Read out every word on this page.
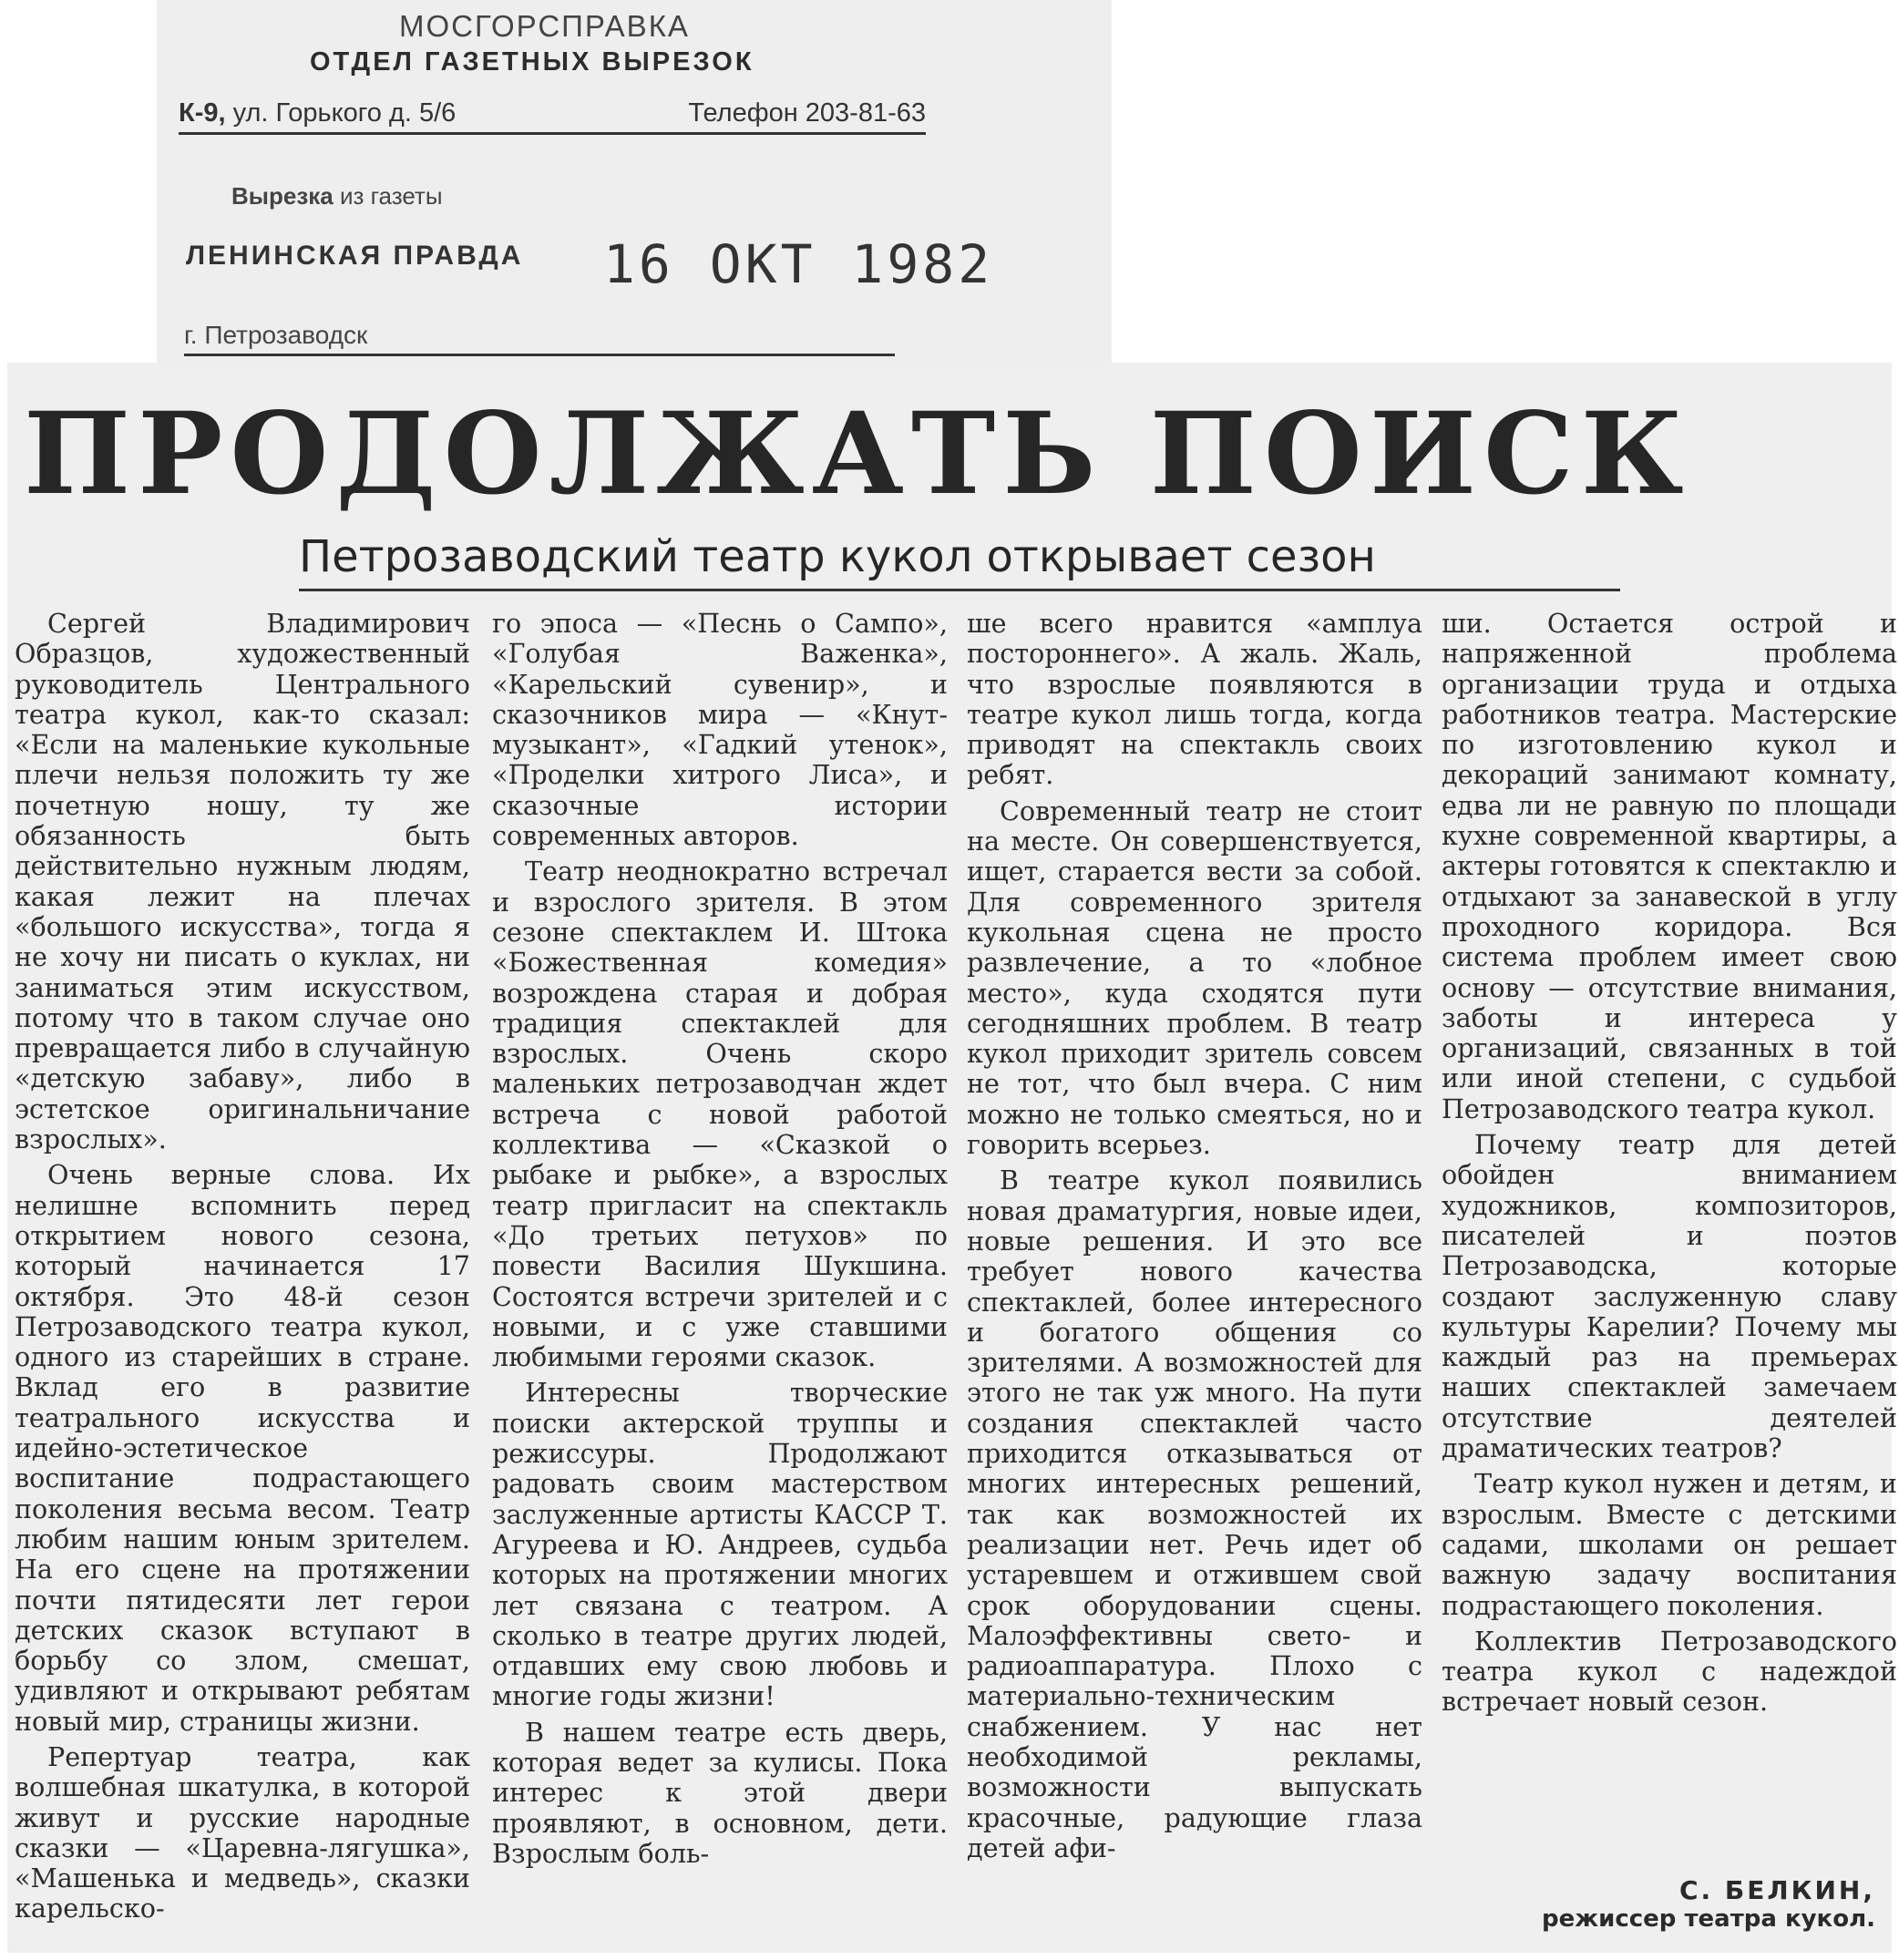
МОСГОРСПРАВКА
ОТДЕЛ ГАЗЕТНЫХ ВЫРЕЗОК
К-9, ул. Горького д. 5/6	Телефон 203-81-63
Вырезка из газеты
ЛЕНИНСКАЯ ПРАВДА 16 ОКТ 1982
г. Петрозаводск
ПРОДОЛЖАТЬ ПОИСК
Петрозаводский театр кукол открывает сезон

Сергей Владимирович Образцов, художественный руководитель Центрального театра кукол, как-то сказал: «Если на маленькие кукольные плечи нельзя положить ту же почетную ношу, ту же обязанность быть действительно нужным людям, какая лежит на плечах «большого искусства», тогда я не хочу ни писать о куклах, ни заниматься этим искусством, потому что в таком случае оно превращается либо в случайную «детскую забаву», либо в эстетское оригинальничание взрослых».

Очень верные слова. Их нелишне вспомнить перед открытием нового сезона, который начинается 17 октября. Это 48-й сезон Петрозаводского театра кукол, одного из старейших в стране. Вклад его в развитие театрального искусства и идейно-эстетическое воспитание подрастающего поколения весьма весом. Театр любим нашим юным зрителем. На его сцене на протяжении почти пятидесяти лет герои детских сказок вступают в борьбу со злом, смешат, удивляют и открывают ребятам новый мир, страницы жизни.

Репертуар театра, как волшебная шкатулка, в которой живут и русские народные сказки — «Царевна-лягушка», «Машенька и медведь», сказки карельско-

го эпоса — «Песнь о Сампо», «Голубая Важенка», «Карельский сувенир», и сказочников мира — «Кнут-музыкант», «Гадкий утенок», «Проделки хитрого Лиса», и сказочные истории современных авторов.

Театр неоднократно встречал и взрослого зрителя. В этом сезоне спектаклем И. Штока «Божественная комедия» возрождена старая и добрая традиция спектаклей для взрослых. Очень скоро маленьких петрозаводчан ждет встреча с новой работой коллектива — «Сказкой о рыбаке и рыбке», а взрослых театр пригласит на спектакль «До третьих петухов» по повести Василия Шукшина. Состоятся встречи зрителей и с новыми, и с уже ставшими любимыми героями сказок.

Интересны творческие поиски актерской труппы и режиссуры. Продолжают радовать своим мастерством заслуженные артисты КАССР Т. Агуреева и Ю. Андреев, судьба которых на протяжении многих лет связана с театром. А сколько в театре других людей, отдавших ему свою любовь и многие годы жизни!

В нашем театре есть дверь, которая ведет за кулисы. Пока интерес к этой двери проявляют, в основном, дети. Взрослым боль-

ше всего нравится «амплуа постороннего». А жаль. Жаль, что взрослые появляются в театре кукол лишь тогда, когда приводят на спектакль своих ребят.

Современный театр не стоит на месте. Он совершенствуется, ищет, старается вести за собой. Для современного зрителя кукольная сцена не просто развлечение, а то «лобное место», куда сходятся пути сегодняшних проблем. В театр кукол приходит зритель совсем не тот, что был вчера. С ним можно не только смеяться, но и говорить всерьез.

В театре кукол появились новая драматургия, новые идеи, новые решения. И это все требует нового качества спектаклей, более интересного и богатого общения со зрителями. А возможностей для этого не так уж много. На пути создания спектаклей часто приходится отказываться от многих интересных решений, так как возможностей их реализации нет. Речь идет об устаревшем и отжившем свой срок оборудовании сцены. Малоэффективны свето- и радиоаппаратура. Плохо с материально-техническим снабжением. У нас нет необходимой рекламы, возможности выпускать красочные, радующие глаза детей афи-

ши. Остается острой и напряженной проблема организации труда и отдыха работников театра. Мастерские по изготовлению кукол и декораций занимают комнату, едва ли не равную по площади кухне современной квартиры, а актеры готовятся к спектаклю и отдыхают за занавеской в углу проходного коридора. Вся система проблем имеет свою основу — отсутствие внимания, заботы и интереса у организаций, связанных в той или иной степени, с судьбой Петрозаводского театра кукол.

Почему театр для детей обойден вниманием художников, композиторов, писателей и поэтов Петрозаводска, которые создают заслуженную славу культуры Карелии? Почему мы каждый раз на премьерах наших спектаклей замечаем отсутствие деятелей драматических театров?

Театр кукол нужен и детям, и взрослым. Вместе с детскими садами, школами он решает важную задачу воспитания подрастающего поколения.

Коллектив Петрозаводского театра кукол с надеждой встречает новый сезон.

С. БЕЛКИН,
режиссер театра кукол.
